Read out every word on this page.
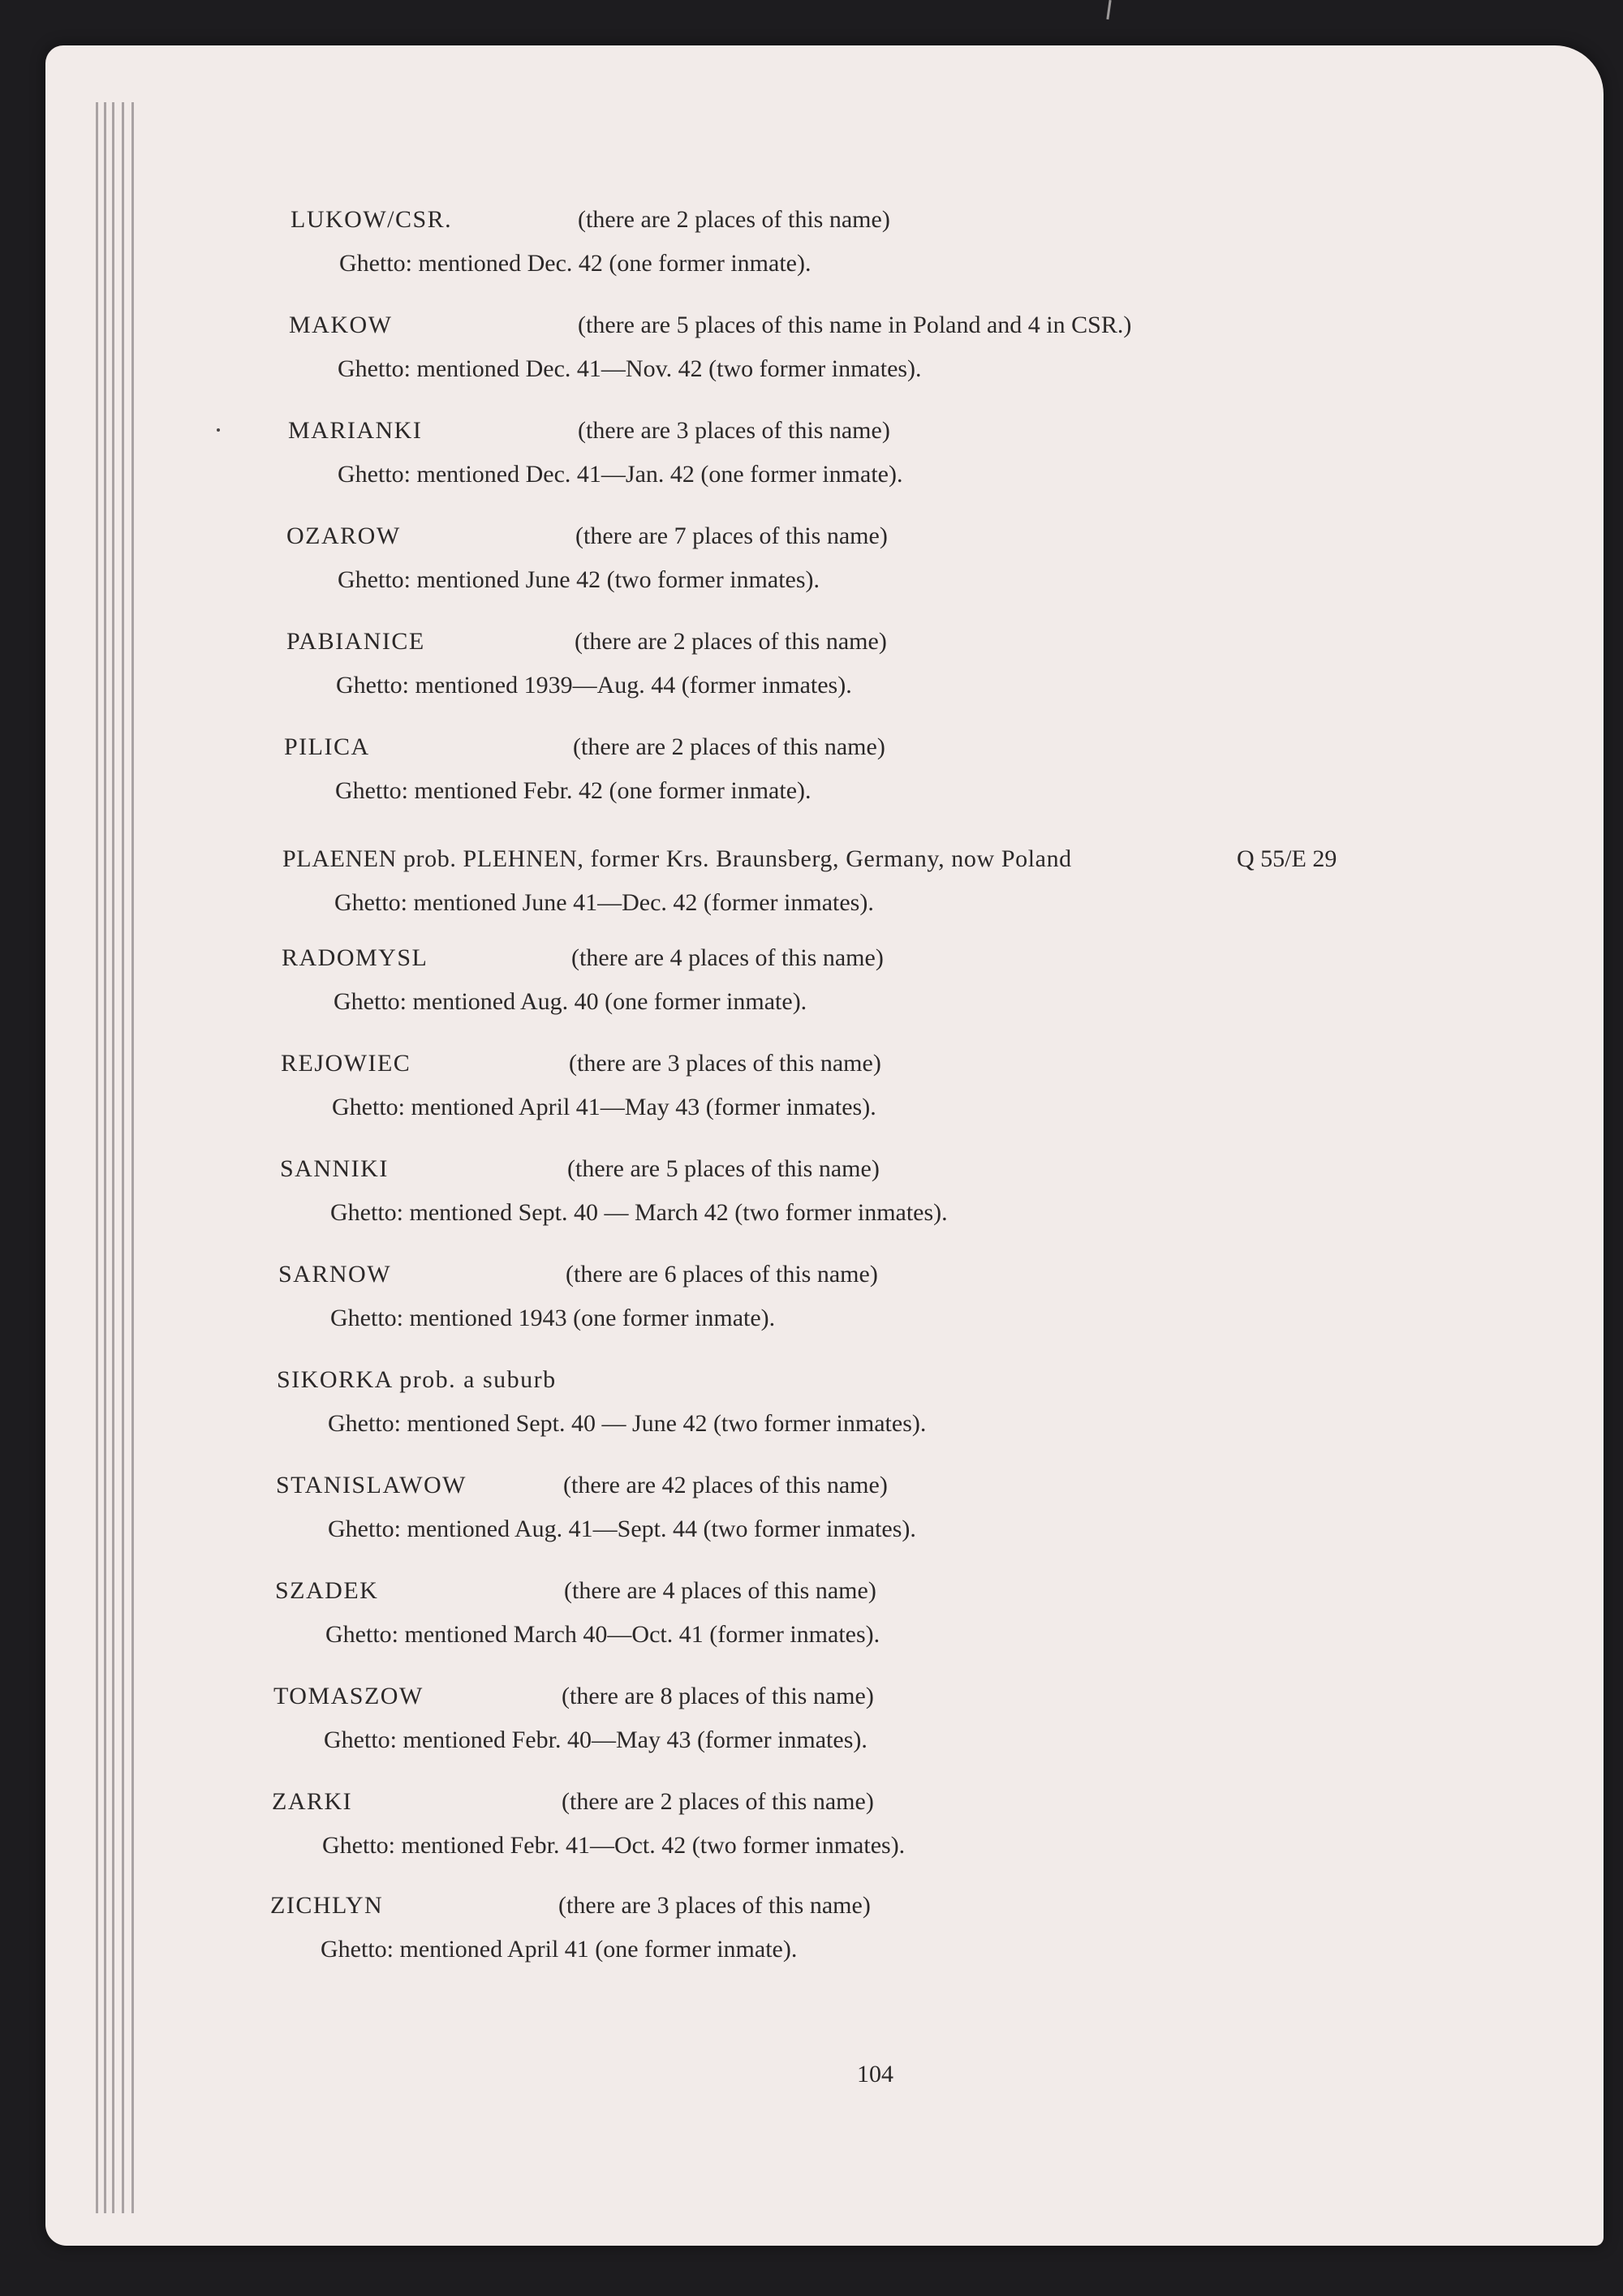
LUKOW/CSR.	(there are 2 places of this name)
Ghetto: mentioned Dec. 42 (one former inmate).
MAKOW	(there are 5 places of this name in Poland and 4 in CSR.)
Ghetto: mentioned Dec. 41—Nov. 42 (two former inmates).
MARIANKI	(there are 3 places of this name)
Ghetto: mentioned Dec. 41—Jan. 42 (one former inmate).
OZAROW	(there are 7 places of this name)
Ghetto: mentioned June 42 (two former inmates).
PABIANICE	(there are 2 places of this name)
Ghetto: mentioned 1939—Aug. 44 (former inmates).
PILICA	(there are 2 places of this name)
Ghetto: mentioned Febr. 42 (one former inmate).
PLAENEN prob. PLEHNEN, former Krs. Braunsberg, Germany, now Poland	Q 55/E 29
Ghetto: mentioned June 41—Dec. 42 (former inmates).
RADOMYSL	(there are 4 places of this name)
Ghetto: mentioned Aug. 40 (one former inmate).
REJOWIEC	(there are 3 places of this name)
Ghetto: mentioned April 41—May 43 (former inmates).
SANNIKI	(there are 5 places of this name)
Ghetto: mentioned Sept. 40 — March 42 (two former inmates).
SARNOW	(there are 6 places of this name)
Ghetto: mentioned 1943 (one former inmate).
SIKORKA prob. a suburb
Ghetto: mentioned Sept. 40 — June 42 (two former inmates).
STANISLAWOW	(there are 42 places of this name)
Ghetto: mentioned Aug. 41—Sept. 44 (two former inmates).
SZADEK	(there are 4 places of this name)
Ghetto: mentioned March 40—Oct. 41 (former inmates).
TOMASZOW	(there are 8 places of this name)
Ghetto: mentioned Febr. 40—May 43 (former inmates).
ZARKI	(there are 2 places of this name)
Ghetto: mentioned Febr. 41—Oct. 42 (two former inmates).
ZICHLYN	(there are 3 places of this name)
Ghetto: mentioned April 41 (one former inmate).
104
